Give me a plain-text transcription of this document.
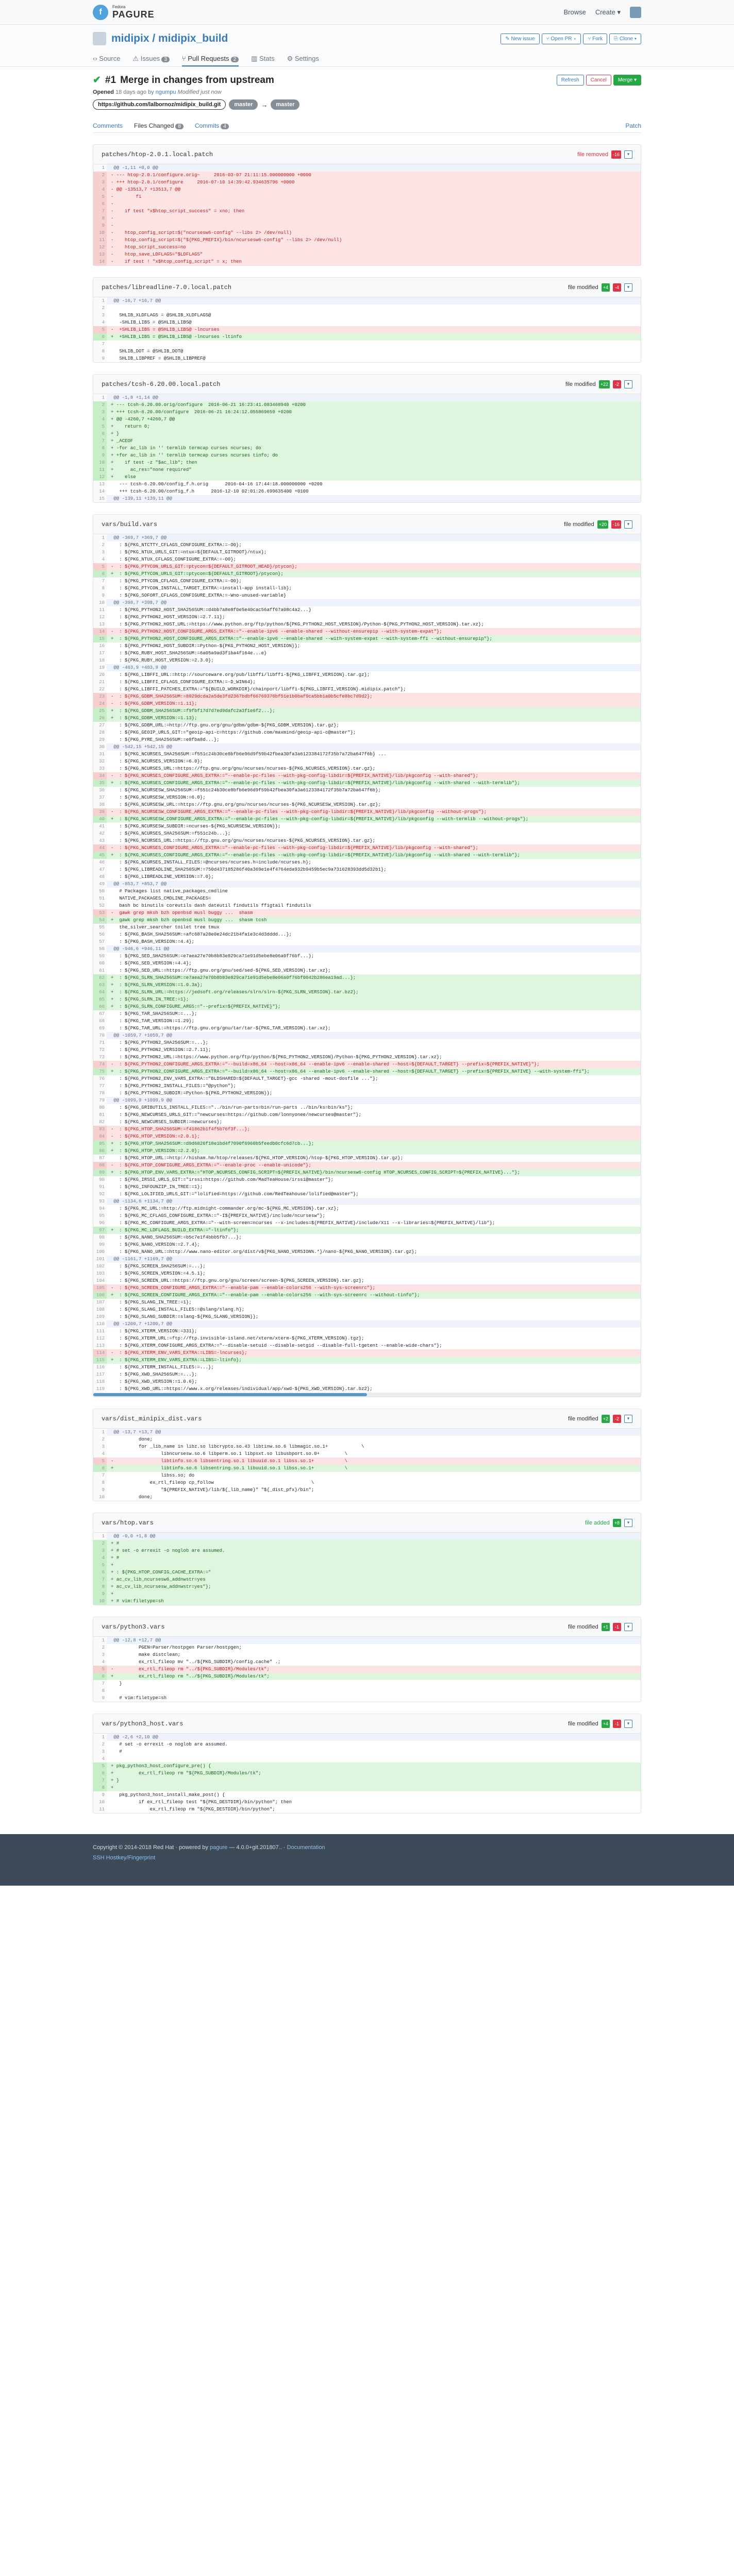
f
Fedora
PAGURE	Browse Create ▾
midipix / midipix_build	✎ New issue	⑂ Open PR ▾	⑂ Fork	⎘ Clone ▾
‹› Source ⚠ Issues 3	⑂ Pull Requests 2	▥ Stats ⚙ Settings
✔ #1 Merge in changes from upstream	Refresh	Cancel	Merge ▾
Opened 18 days ago by ngumpu Modified just now
https://github.com/lalbornoz/midipix_build.git	master	→	master
Comments Files Changed 8	Commits 4	Patch
patches/htop-2.0.1.local.patch	file removed	-16	▾
1	@@ -1,11 +0,0 @@
2	- --- htop-2.0.1/configure.orig~     2016-03-07 21:11:15.000000000 +0000
3	- +++ htop-2.0.1/configure     2016-07-10 14:39:42.934635796 +0000
4	- @@ -13513,7 +13513,7 @@
5	-        fi
6	-
7	-    if test "x$htop_script_success" = xno; then
8	-
9	-
10	-    htop_config_script=$("ncursesw6-config" --libs 2> /dev/null)
11	-    htop_config_script=$("${PKG_PREFIX}/bin/ncursesw6-config" --libs 2> /dev/null)
12	-    htop_script_success=no
13	-    htop_save_LDFLAGS="$LDFLAGS"
14	-    if test ! "x$htop_config_script" = x; then
patches/libreadline-7.0.local.patch	file modified	+4	-4	▾
1	@@ -16,7 +16,7 @@
2

3	SHLIB_XLDFLAGS = @SHLIB_XLDFLAGS@
4	-SHLIB_LIBS = @SHLIB_LIBS@
5	-  +SHLIB_LIBS = @SHLIB_LIBS@ -lncurses
6	+  +SHLIB_LIBS = @SHLIB_LIBS@ -lncurses -ltinfo
7

8	SHLIB_DOT = @SHLIB_DOT@
9	SHLIB_LIBPREF = @SHLIB_LIBPREF@
patches/tcsh-6.20.00.local.patch	file modified	+22	-2	▾
1	@@ -1,8 +1,14 @@
2	+ --- tcsh-6.20.00.orig/configure  2016-06-21 16:23:41.083468940 +0200
3	+ +++ tcsh-6.20.00/configure  2016-06-21 16:24:12.055869659 +0200
4	+ @@ -4260,7 +4260,7 @@
5	+    return 0;
6	+ }
7	+ _ACEOF
8	+ -for ac_lib in '' termlib termcap curses ncurses; do
9	+ +for ac_lib in '' termlib termcap curses ncurses tinfo; do
10	+    if test -z "$ac_lib"; then
11	+      ac_res="none required"
12	+    else
13	--- tcsh-6.20.00/config_f.h.orig      2016-04-16 17:44:18.000000000 +0200
14	+++ tcsh-6.20.00/config_f.h      2016-12-10 02:01:26.699635400 +0100
15	@@ -139,11 +139,11 @@
vars/build.vars	file modified	+20	-16	▾
1	@@ -369,7 +369,7 @@
2	: ${PKG_NTCTTY_CFLAGS_CONFIGURE_EXTRA:=-O0};
3	: ${PKG_NTUX_URLS_GIT:=ntux=${DEFAULT_GITROOT}/ntux};
4	: ${PKG_NTUX_CFLAGS_CONFIGURE_EXTRA:=-O0};
5	-  : ${PKG_PTYCON_URLS_GIT:=ptycon=${DEFAULT_GITROOT_HEAD}/ptycon};
6	+  : ${PKG_PTYCON_URLS_GIT:=ptycon=${DEFAULT_GITROOT}/ptycon};
7	: ${PKG_PTYCON_CFLAGS_CONFIGURE_EXTRA:=-O0};
8	: ${PKG_PTYCON_INSTALL_TARGET_EXTRA:=install-app install-lib};
9	: ${PKG_SOFORT_CFLAGS_CONFIGURE_EXTRA:=-Wno-unused-variable}
10	@@ -398,7 +398,7 @@
11	: ${PKG_PYTHON2_HOST_SHA256SUM:=d4bb7a8e8f0e5e40cac56aff67a08c4a2...}
12	: ${PKG_PYTHON2_HOST_VERSION:=2.7.11};
13	: ${PKG_PYTHON2_HOST_URL:=https://www.python.org/ftp/python/${PKG_PYTHON2_HOST_VERSION}/Python-${PKG_PYTHON2_HOST_VERSION}.tar.xz};
14	-  : ${PKG_PYTHON2_HOST_CONFIGURE_ARGS_EXTRA:="--enable-ipv6 --enable-shared --without-ensurepip --with-system-expat"};
15	+  : ${PKG_PYTHON2_HOST_CONFIGURE_ARGS_EXTRA:="--enable-ipv6 --enable-shared --with-system-expat --with-system-ffi --without-ensurepip"};
16	: ${PKG_PYTHON2_HOST_SUBDIR:=Python-${PKG_PYTHON2_HOST_VERSION}};
17	: ${PKG_RUBY_HOST_SHA256SUM:=6a05a9ad3f1ba4f164e...e}
18	: ${PKG_RUBY_HOST_VERSION:=2.3.0};
19	@@ -403,9 +403,9 @@
20	: ${PKG_LIBFFI_URL:=http://sourceware.org/pub/libffi/libffi-${PKG_LIBFFI_VERSION}.tar.gz};
21	: ${PKG_LIBFFI_CFLAGS_CONFIGURE_EXTRA:=-D_WIN64};
22	: ${PKG_LIBFFI_PATCHES_EXTRA:="${BUILD_WORKDIR}/chainport/libffi-${PKG_LIBFFI_VERSION}.midipix.patch"};
23	-  : ${PKG_GDBM_SHA256SUM:=8929dcda2a5de3fd2367bdbf66769376bf51e1b0baf9ca5bb1a0b5cfe8bc7d9d2};
24	-  : ${PKG_GDBM_VERSION:=1.11};
25	+  : ${PKG_GDBM_SHA256SUM:=f9fbf17d7d7ed9dafc2a3f1e6f2...};
26	+  : ${PKG_GDBM_VERSION:=1.13};
27	: ${PKG_GDBM_URL:=http://ftp.gnu.org/gnu/gdbm/gdbm-${PKG_GDBM_VERSION}.tar.gz};
28	: ${PKG_GEOIP_URLS_GIT:="geoip-api-c=https://github.com/maxmind/geoip-api-c@master"};
29	: ${PKG_PYRE_SHA256SUM:=e8fba8d...};
30	@@ -542,15 +542,15 @@
31	: ${PKG_NCURSES_SHA256SUM:=f551c24b30ce8bfb6e96d9f59b42fbea30fa3a6123384172f35b7a72ba647f6b} ...
32	: ${PKG_NCURSES_VERSION:=6.0};
33	: ${PKG_NCURSES_URL:=https://ftp.gnu.org/gnu/ncurses/ncurses-${PKG_NCURSES_VERSION}.tar.gz};
34	-  : ${PKG_NCURSES_CONFIGURE_ARGS_EXTRA:="--enable-pc-files --with-pkg-config-libdir=${PREFIX_NATIVE}/lib/pkgconfig --with-shared"};
35	+  : ${PKG_NCURSES_CONFIGURE_ARGS_EXTRA:="--enable-pc-files --with-pkg-config-libdir=${PREFIX_NATIVE}/lib/pkgconfig --with-shared --with-termlib"};
36	: ${PKG_NCURSESW_SHA256SUM:=f551c24b30ce8bfb6e96d9f59b42fbea30fa3a6123384172f35b7a72ba647f6b};
37	: ${PKG_NCURSESW_VERSION:=6.0};
38	: ${PKG_NCURSESW_URL:=https://ftp.gnu.org/gnu/ncurses/ncurses-${PKG_NCURSESW_VERSION}.tar.gz};
39	-  : ${PKG_NCURSESW_CONFIGURE_ARGS_EXTRA:="--enable-pc-files --with-pkg-config-libdir=${PREFIX_NATIVE}/lib/pkgconfig --without-progs"};
40	+  : ${PKG_NCURSESW_CONFIGURE_ARGS_EXTRA:="--enable-pc-files --with-pkg-config-libdir=${PREFIX_NATIVE}/lib/pkgconfig --with-termlib --without-progs"};
41	: ${PKG_NCURSESW_SUBDIR:=ncurses-${PKG_NCURSESW_VERSION}};
42	: ${PKG_NCURSES_SHA256SUM:=f551c24b...};
43	: ${PKG_NCURSES_URL:=https://ftp.gnu.org/gnu/ncurses/ncurses-${PKG_NCURSES_VERSION}.tar.gz};
44	-  : ${PKG_NCURSES_CONFIGURE_ARGS_EXTRA:="--enable-pc-files --with-pkg-config-libdir=${PREFIX_NATIVE}/lib/pkgconfig --with-shared"};
45	+  : ${PKG_NCURSES_CONFIGURE_ARGS_EXTRA:="--enable-pc-files --with-pkg-config-libdir=${PREFIX_NATIVE}/lib/pkgconfig --with-shared --with-termlib"};
46	: ${PKG_NCURSES_INSTALL_FILES:=@ncurses/ncurses.h=include/ncurses.h};
47	: ${PKG_LIBREADLINE_SHA256SUM:=750d437185286f40a369e1e4f4764eda932b9459b5ec9a731628393dd5d32b1};
48	: ${PKG_LIBREADLINE_VERSION:=7.0};
49	@@ -853,7 +853,7 @@
50	# Packages list native_packages_cmdline
51	NATIVE_PACKAGES_CMDLINE_PACKAGES=
52	bash bc binutils coreutils dash dateutil findutils ffigtail findutils
53	-  gawk grep mksh bzh openbsd musl buggy ...  shasm
54	+  gawk grep mksh bzh openbsd musl buggy ...  shasm tcsh
55	the_silver_searcher toilet tree tmux
56	: ${PKG_BASH_SHA256SUM:=afc687a28e0e24dc21b4fa1e3c4d3dddd...};
57	: ${PKG_BASH_VERSION:=4.4};
58	@@ -946,6 +946,11 @@
59	: ${PKG_SED_SHA256SUM:=e7aea27e70b8b83e829ca71e91d5ebe8e06a0f76bf...};
60	: ${PKG_SED_VERSION:=4.4};
61	: ${PKG_SED_URL:=https://ftp.gnu.org/gnu/sed/sed-${PKG_SED_VERSION}.tar.xz};
62	+  : ${PKG_SLRN_SHA256SUM:=e7aea27e70b8b83e829ca71e91d5ebe8e06a0f76bf0042b286ea19ad...};
63	+  : ${PKG_SLRN_VERSION:=1.0.3a};
64	+  : ${PKG_SLRN_URL:=https://jedsoft.org/releases/slrn/slrn-${PKG_SLRN_VERSION}.tar.bz2};
65	+  : ${PKG_SLRN_IN_TREE:=1};
66	+  : ${PKG_SLRN_CONFIGURE_ARGS:="--prefix=${PREFIX_NATIVE}"};
67	: ${PKG_TAR_SHA256SUM:=...};
68	: ${PKG_TAR_VERSION:=1.29};
69	: ${PKG_TAR_URL:=https://ftp.gnu.org/gnu/tar/tar-${PKG_TAR_VERSION}.tar.xz};
70	@@ -1059,7 +1059,7 @@
71	: ${PKG_PYTHON2_SHA256SUM:=...};
72	: ${PKG_PYTHON2_VERSION:=2.7.11};
73	: ${PKG_PYTHON2_URL:=https://www.python.org/ftp/python/${PKG_PYTHON2_VERSION}/Python-${PKG_PYTHON2_VERSION}.tar.xz};
74	-  : ${PKG_PYTHON2_CONFIGURE_ARGS_EXTRA:="--build=x86_64 --host=x86_64 --enable-ipv6 --enable-shared --host=${DEFAULT_TARGET} --prefix=${PREFIX_NATIVE}"};
75	+  : ${PKG_PYTHON2_CONFIGURE_ARGS_EXTRA:="--build=x86_64 --host=x86_64 --enable-ipv6 --enable-shared --host=${DEFAULT_TARGET} --prefix=${PREFIX_NATIVE} --with-system-ffi"};
76	: ${PKG_PYTHON2_ENV_VARS_EXTRA:="BLDSHARED=${DEFAULT_TARGET}-gcc -shared -mout-dosfile ..."};
77	: ${PKG_PYTHON2_INSTALL_FILES:="@python"};
78	: ${PKG_PYTHON2_SUBDIR:=Python-${PKG_PYTHON2_VERSION}};
79	@@ -1099,9 +1099,9 @@
80	: ${PKG_GRIBUTILS_INSTALL_FILES:="../bin/run-parts=bin/run-parts ../bin/ks=bin/ks"};
81	: ${PKG_NEWCURSES_URLS_GIT:="newcurses=https://github.com/lonnyonee/newcurses@master"};
82	: ${PKG_NEWCURSES_SUBDIR:=newcurses};
83	-  : ${PKG_HTOP_SHA256SUM:=f41862b1f4f5b76f3f...};
84	-  : ${PKG_HTOP_VERSION:=2.0.1};
85	+  : ${PKG_HTOP_SHA256SUM:=d9d6826f18e1bd4f7090f6960b5feedb0cfc6d7cb...};
86	+  : ${PKG_HTOP_VERSION:=2.2.0};
87	: ${PKG_HTOP_URL:=http://hisham.hm/htop/releases/${PKG_HTOP_VERSION}/htop-${PKG_HTOP_VERSION}.tar.gz};
88	-  : ${PKG_HTOP_CONFIGURE_ARGS_EXTRA:="--enable-proc --enable-unicode"};
89	+  : ${PKG_HTOP_ENV_VARS_EXTRA:="HTOP_NCURSES_CONFIG_SCRIPT=${PREFIX_NATIVE}/bin/ncursesw6-config HTOP_NCURSES_CONFIG_SCRIPT=${PREFIX_NATIVE}..."};
90	: ${PKG_IRSSI_URLS_GIT:="irssi=https://github.com/MadTeaHouse/irssi@master"};
91	: ${PKG_INFOUNZIP_IN_TREE:=1};
92	: ${PKG_LOLIFIED_URLS_GIT:="lolified=https://github.com/RedTeahouse/lolified@master"};
93	@@ -1134,6 +1134,7 @@
94	: ${PKG_MC_URL:=http://ftp.midnight-commander.org/mc-${PKG_MC_VERSION}.tar.xz};
95	: ${PKG_MC_CFLAGS_CONFIGURE_EXTRA:="-I${PREFIX_NATIVE}/include/ncursesw"};
96	: ${PKG_MC_CONFIGURE_ARGS_EXTRA:="--with-screen=ncurses --x-includes=${PREFIX_NATIVE}/include/X11 --x-libraries=${PREFIX_NATIVE}/lib"};
97	+  : ${PKG_MC_LDFLAGS_BUILD_EXTRA:="-ltinfo"};
98	: ${PKG_NANO_SHA256SUM:=b5c7e1f4bbb5fb7...};
99	: ${PKG_NANO_VERSION:=2.7.4};
100	: ${PKG_NANO_URL:=http://www.nano-editor.org/dist/v${PKG_NANO_VERSION%.*}/nano-${PKG_NANO_VERSION}.tar.gz};
101	@@ -1161,7 +1169,7 @@
102	: ${PKG_SCREEN_SHA256SUM:=...};
103	: ${PKG_SCREEN_VERSION:=4.5.1};
104	: ${PKG_SCREEN_URL:=https://ftp.gnu.org/gnu/screen/screen-${PKG_SCREEN_VERSION}.tar.gz};
105	-  : ${PKG_SCREEN_CONFIGURE_ARGS_EXTRA:="--enable-pam --enable-colors256 --with-sys-screenrc"};
106	+  : ${PKG_SCREEN_CONFIGURE_ARGS_EXTRA:="--enable-pam --enable-colors256 --with-sys-screenrc --without-tinfo"};
107	: ${PKG_SLANG_IN_TREE:=1};
108	: ${PKG_SLANG_INSTALL_FILES:=@slang/slang.h};
109	: ${PKG_SLANG_SUBDIR:=slang-${PKG_SLANG_VERSION}};
110	@@ -1200,7 +1200,7 @@
111	: ${PKG_XTERM_VERSION:=331};
112	: ${PKG_XTERM_URL:=ftp://ftp.invisible-island.net/xterm/xterm-${PKG_XTERM_VERSION}.tgz};
113	: ${PKG_XTERM_CONFIGURE_ARGS_EXTRA:="--disable-setuid --disable-setgid --disable-full-tgetent --enable-wide-chars"};
114	-  : ${PKG_XTERM_ENV_VARS_EXTRA:=LIBS=-lncurses};
115	+  : ${PKG_XTERM_ENV_VARS_EXTRA:=LIBS=-ltinfo};
116	: ${PKG_XTERM_INSTALL_FILES:=...};
117	: ${PKG_XWD_SHA256SUM:=...};
118	: ${PKG_XWD_VERSION:=1.0.6};
119	: ${PKG_XWD_URL:=https://www.x.org/releases/individual/app/xwd-${PKG_XWD_VERSION}.tar.bz2};
vars/dist_minipix_dist.vars	file modified	+2	-2	▾
1	@@ -13,7 +13,7 @@
2	done;
3	for _lib_name in libz.so libcrypto.so.43 libtinw.so.6 libmagic.so.1+            \
4	libncursesw.so.6 libperm.so.1 libpsxt.so libusbport.so.0+         \
5	-                 libtinfo.so.6 libsentring.so.1 libuuid.so.1 libss.so.1+           \
6	+                 libtinfo.so.6 libsentring.so.1 libuuid.so.1 libss.so.1+           \
7	libss.so; do
8	ex_rtl_fileop cp_follow                                   \
9	"${PREFIX_NATIVE}/lib/${_lib_name}" "${_dist_pfx}/bin";
10	done;
vars/htop.vars	file added	+8	▾
1	@@ -0,0 +1,8 @@
2	+ #
3	+ # set -o errexit -o noglob are assumed.
4	+ #
5	+
6	+ : ${PKG_HTOP_CONFIG_CACHE_EXTRA:="
7	+ ac_cv_lib_ncursesw6_addnwstr=yes
8	+ ac_cv_lib_ncursesw_addnwstr=yes"};
9	+
10	+ # vim:filetype=sh
vars/python3.vars	file modified	+1	-1	▾
1	@@ -12,8 +12,7 @@
2	PGEN=Parser/hostpgen Parser/hostpgen;
3	make distclean;
4	ex_rtl_fileop mv "../${PKG_SUBDIR}/config.cache" .;
5	-         ex_rtl_fileop rm "../${PKG_SUBDIR}/Modules/tk";
6	+         ex_rtl_fileop rm "../${PKG_SUBDIR}/Modules/tk";
7	}
8

9	# vim:filetype=sh
vars/python3_host.vars	file modified	+4	-1	▾
1	@@ -2,6 +2,10 @@
2	# set -o errexit -o noglob are assumed.
3	#
4

5	+ pkg_python3_host_configure_pre() {
6	+         ex_rtl_fileop rm "${PKG_SUBDIR}/Modules/tk";
7	+ }
8	+
9	pkg_python3_host_install_make_post() {
10	if ex_rtl_fileop test "${PKG_DESTDIR}/bin/python"; then
11	ex_rtl_fileop rm "${PKG_DESTDIR}/bin/python";
Copyright © 2014-2018 Red Hat · powered by pagure — 4.0.0+git.201807.. · Documentation
SSH Hostkey/Fingerprint
